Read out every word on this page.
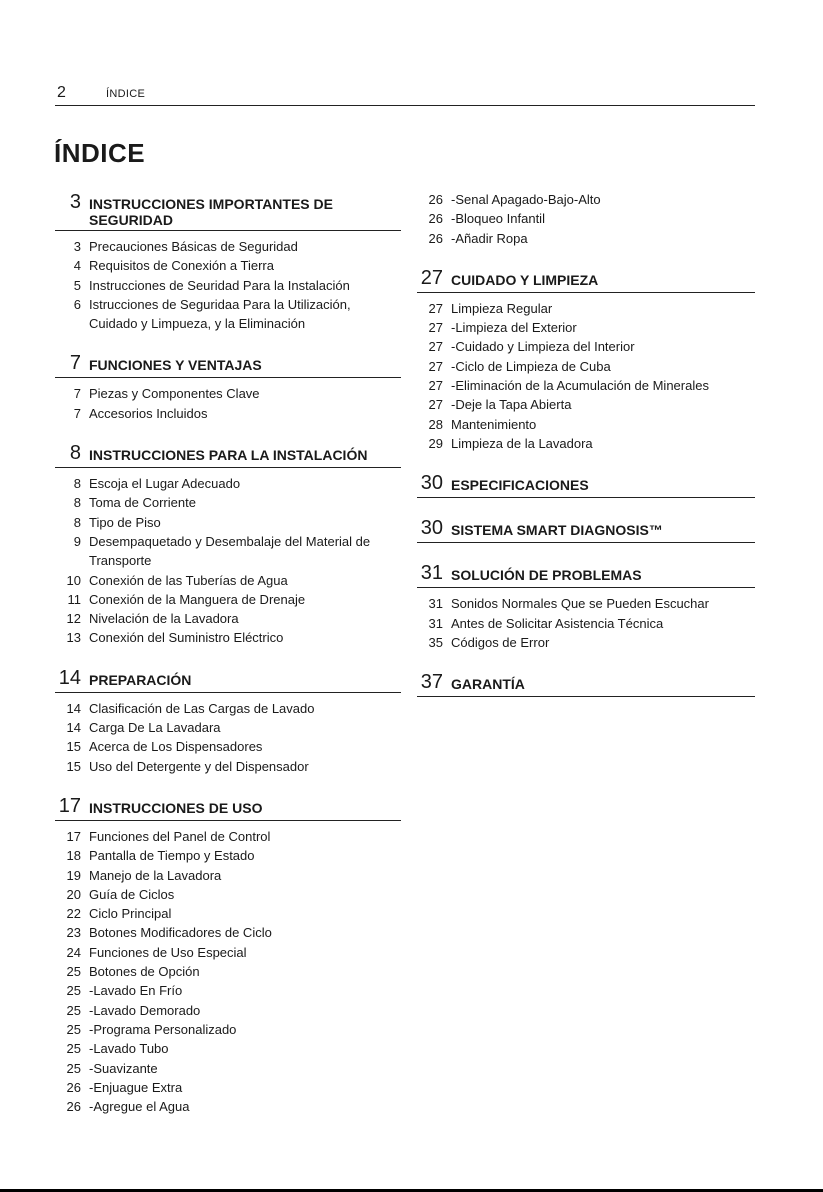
2	ÍNDICE
ÍNDICE
3 INSTRUCCIONES IMPORTANTES DE SEGURIDAD
3 Precauciones Básicas de Seguridad
4 Requisitos de Conexión a Tierra
5 Instrucciones de Seuridad Para la Instalación
6 Istrucciones de Seguridaa Para la Utilización, Cuidado y Limpueza, y la Eliminación
7 FUNCIONES Y VENTAJAS
7 Piezas y Componentes Clave
7 Accesorios Incluidos
8 INSTRUCCIONES PARA LA INSTALACIÓN
8 Escoja el Lugar Adecuado
8 Toma de Corriente
8 Tipo de Piso
9 Desempaquetado y Desembalaje del Material de Transporte
10 Conexión de las Tuberías de Agua
11 Conexión de la Manguera de Drenaje
12 Nivelación de la Lavadora
13 Conexión del Suministro Eléctrico
14 PREPARACIÓN
14 Clasificación de Las Cargas de Lavado
14 Carga De La Lavadara
15 Acerca de Los Dispensadores
15 Uso del Detergente y del Dispensador
17 INSTRUCCIONES DE USO
17 Funciones del Panel de Control
18 Pantalla de Tiempo y Estado
19 Manejo de la Lavadora
20 Guía de Ciclos
22 Ciclo Principal
23 Botones Modificadores de Ciclo
24 Funciones de Uso Especial
25 Botones de Opción
25 -Lavado En Frío
25 -Lavado Demorado
25 -Programa Personalizado
25 -Lavado Tubo
25 -Suavizante
26 -Enjuague Extra
26 -Agregue el Agua
26 -Senal Apagado-Bajo-Alto
26 -Bloqueo Infantil
26 -Añadir Ropa
27 CUIDADO Y LIMPIEZA
27 Limpieza Regular
27 -Limpieza del Exterior
27 -Cuidado y Limpieza del Interior
27 -Ciclo de Limpieza de Cuba
27 -Eliminación de la Acumulación de Minerales
27 -Deje la Tapa Abierta
28 Mantenimiento
29 Limpieza de la Lavadora
30 ESPECIFICACIONES
30 SISTEMA SMART DIAGNOSIS™
31 SOLUCIÓN DE PROBLEMAS
31 Sonidos Normales Que se Pueden Escuchar
31 Antes de Solicitar Asistencia Técnica
35 Códigos de Error
37 GARANTÍA
